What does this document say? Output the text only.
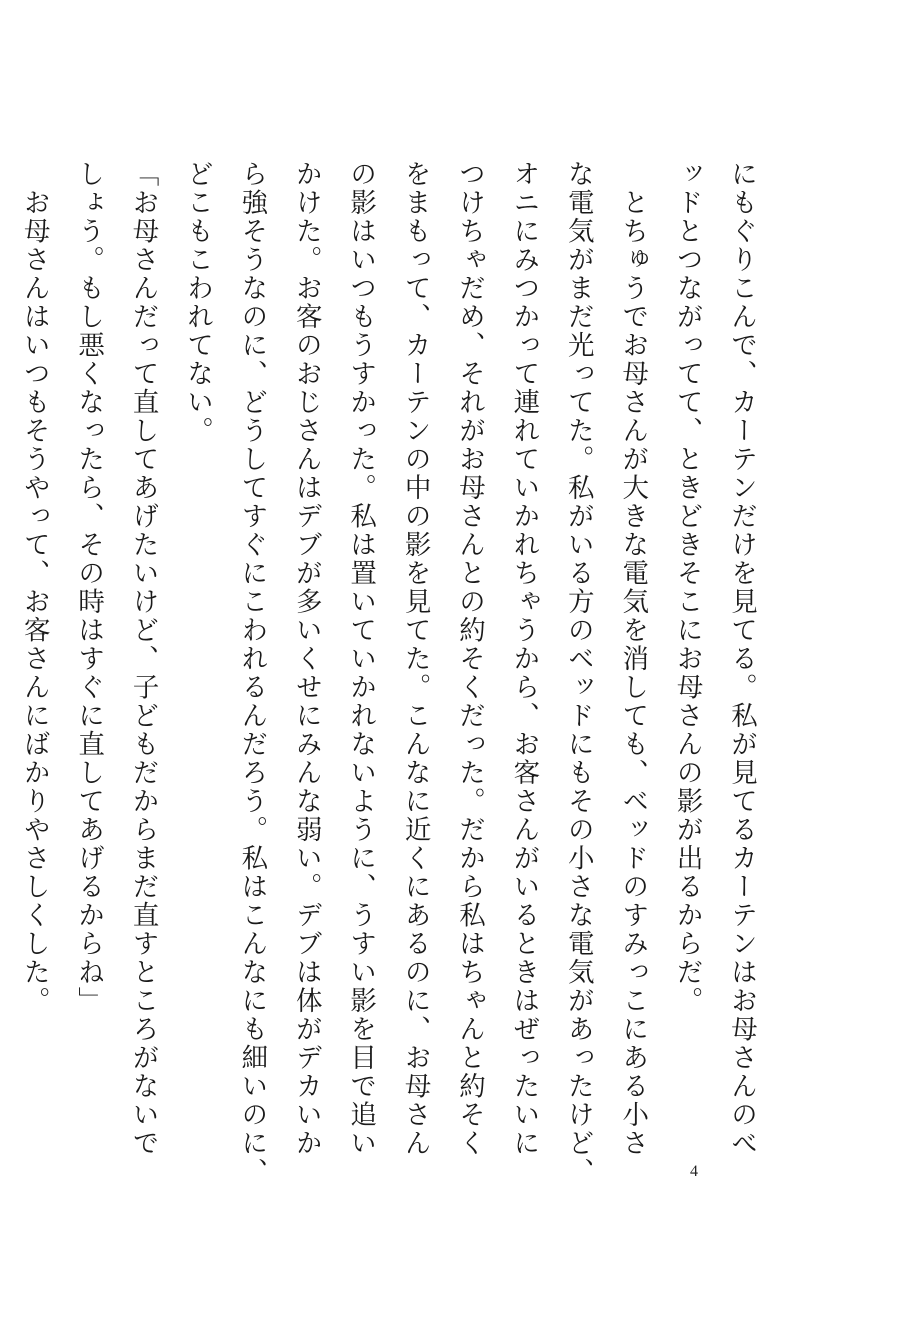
にもぐりこんで、カーテンだけを見てる。私が見てるカーテンはお母さんのべ
ッドとつながってて、ときどきそこにお母さんの影が出るからだ。
　とちゅうでお母さんが大きな電気を消しても、ベッドのすみっこにある小さ
な電気がまだ光ってた。私がいる方のベッドにもその小さな電気があったけど、
オニにみつかって連れていかれちゃうから、お客さんがいるときはぜったいに
つけちゃだめ、それがお母さんとの約そくだった。だから私はちゃんと約そく
をまもって、カーテンの中の影を見てた。こんなに近くにあるのに、お母さん
の影はいつもうすかった。私は置いていかれないように、うすい影を目で追い
かけた。お客のおじさんはデブが多いくせにみんな弱い。デブは体がデカいか
ら強そうなのに、どうしてすぐにこわれるんだろう。私はこんなにも細いのに、
どこもこわれてない。
「お母さんだって直してあげたいけど、子どもだからまだ直すところがないで
しょう。もし悪くなったら、その時はすぐに直してあげるからね」
　お母さんはいつもそうやって、お客さんにばかりやさしくした。
4
